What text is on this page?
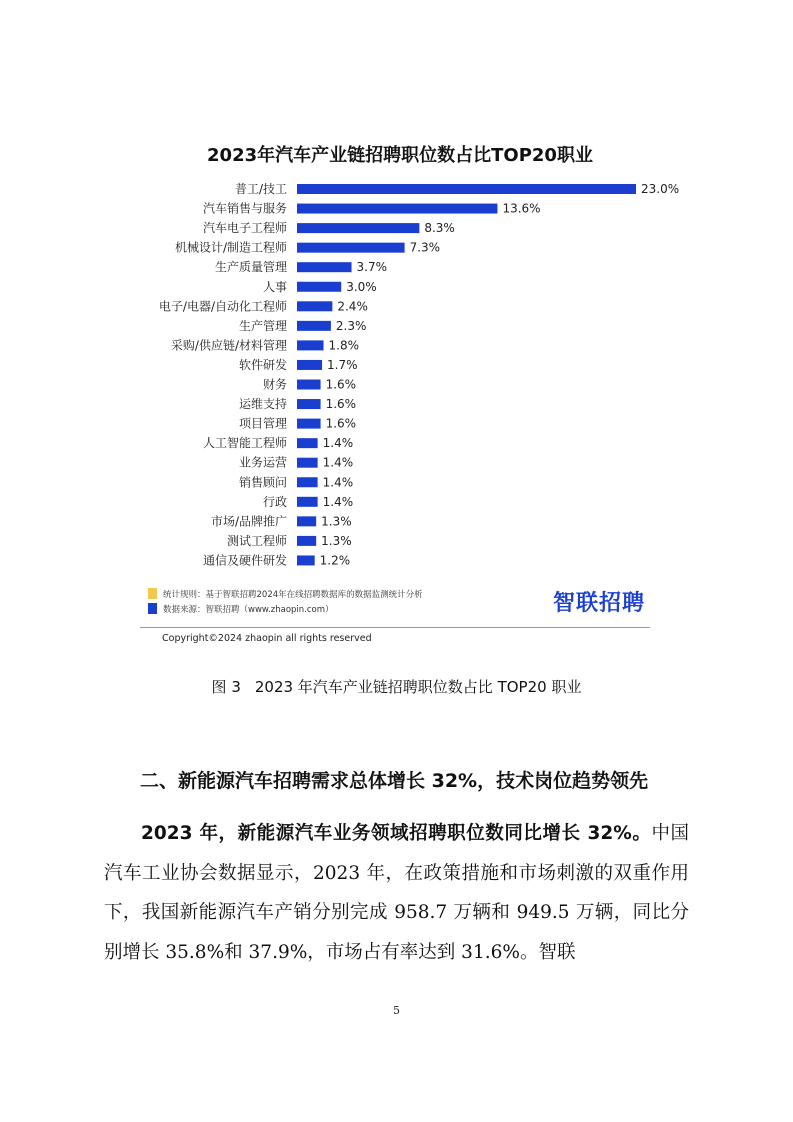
2023年汽车产业链招聘职位数占比TOP20职业
普工/技工	23.0%
汽车销售与服务	13.6%
汽车电子工程师	8.3%
机械设计/制造工程师	7.3%
生产质量管理	3.7%
人事	3.0%
电子/电器/自动化工程师	2.4%
生产管理	2.3%
采购/供应链/材料管理	1.8%
软件研发	1.7%
财务	1.6%
运维支持	1.6%
项目管理	1.6%
人工智能工程师	1.4%
业务运营	1.4%
销售顾问	1.4%
行政	1.4%
市场/品牌推广	1.3%
测试工程师	1.3%
通信及硬件研发	1.2%
统计规则：基于智联招聘2024年在线招聘数据库的数据监测统计分析
数据来源：智联招聘（www.zhaopin.com）	智联招聘
Copyright©2024 zhaopin all rights reserved
图 3 2023 年汽车产业链招聘职位数占比 TOP20 职业
二、新能源汽车招聘需求总体增长 32%，技术岗位趋势领先
2023 年，新能源汽车业务领域招聘职位数同比增长 32%。中国汽车工业协会数据显示，2023 年，在政策措施和市场刺激的双重作用下，我国新能源汽车产销分别完成 958.7 万辆和 949.5 万辆，同比分别增长 35.8%和 37.9%，市场占有率达到 31.6%。智联
5
